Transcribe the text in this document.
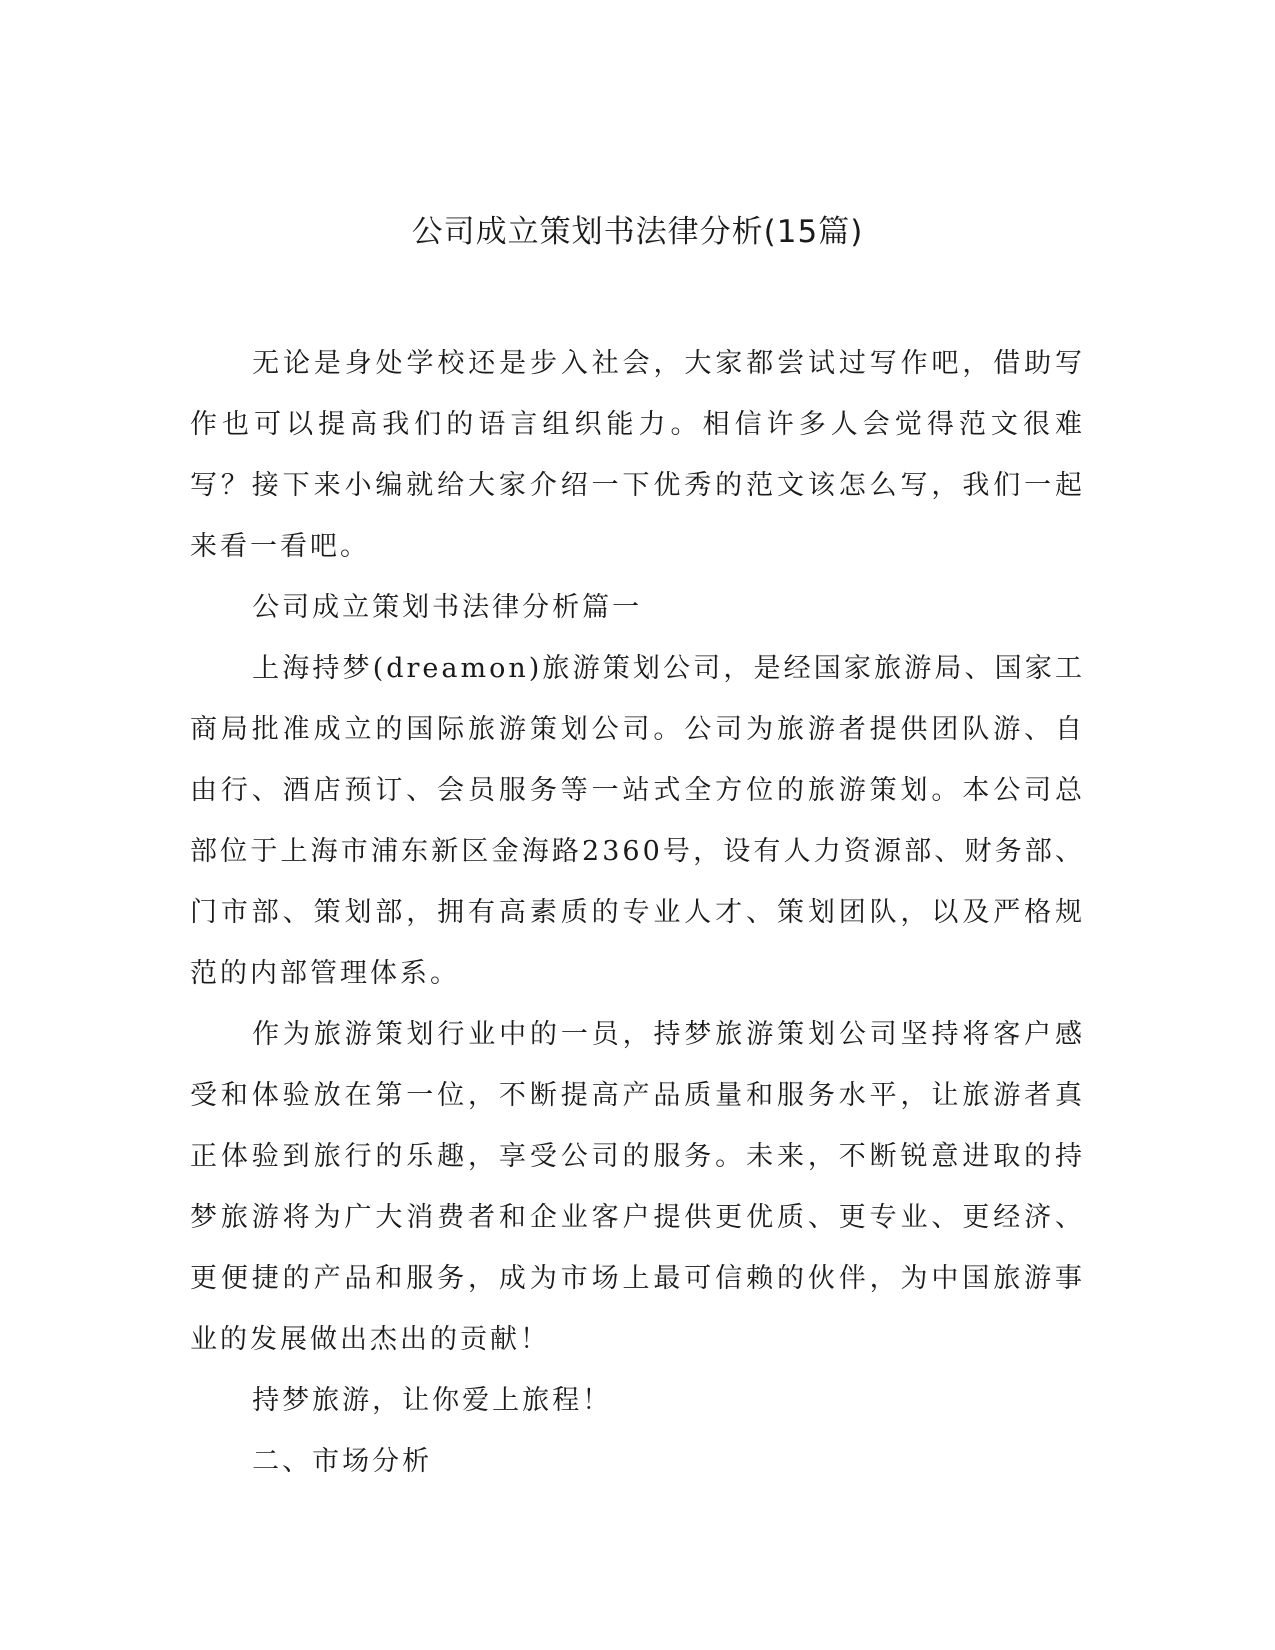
公司成立策划书法律分析(15篇)

无论是身处学校还是步入社会，大家都尝试过写作吧，借助写作也可以提高我们的语言组织能力。相信许多人会觉得范文很难写？接下来小编就给大家介绍一下优秀的范文该怎么写，我们一起来看一看吧。

公司成立策划书法律分析篇一

上海持梦(dreamon)旅游策划公司，是经国家旅游局、国家工商局批准成立的国际旅游策划公司。公司为旅游者提供团队游、自由行、酒店预订、会员服务等一站式全方位的旅游策划。本公司总部位于上海市浦东新区金海路2360号，设有人力资源部、财务部、门市部、策划部，拥有高素质的专业人才、策划团队，以及严格规范的内部管理体系。

作为旅游策划行业中的一员，持梦旅游策划公司坚持将客户感受和体验放在第一位，不断提高产品质量和服务水平，让旅游者真正体验到旅行的乐趣，享受公司的服务。未来，不断锐意进取的持梦旅游将为广大消费者和企业客户提供更优质、更专业、更经济、更便捷的产品和服务，成为市场上最可信赖的伙伴，为中国旅游事业的发展做出杰出的贡献！

持梦旅游，让你爱上旅程！

二、市场分析
